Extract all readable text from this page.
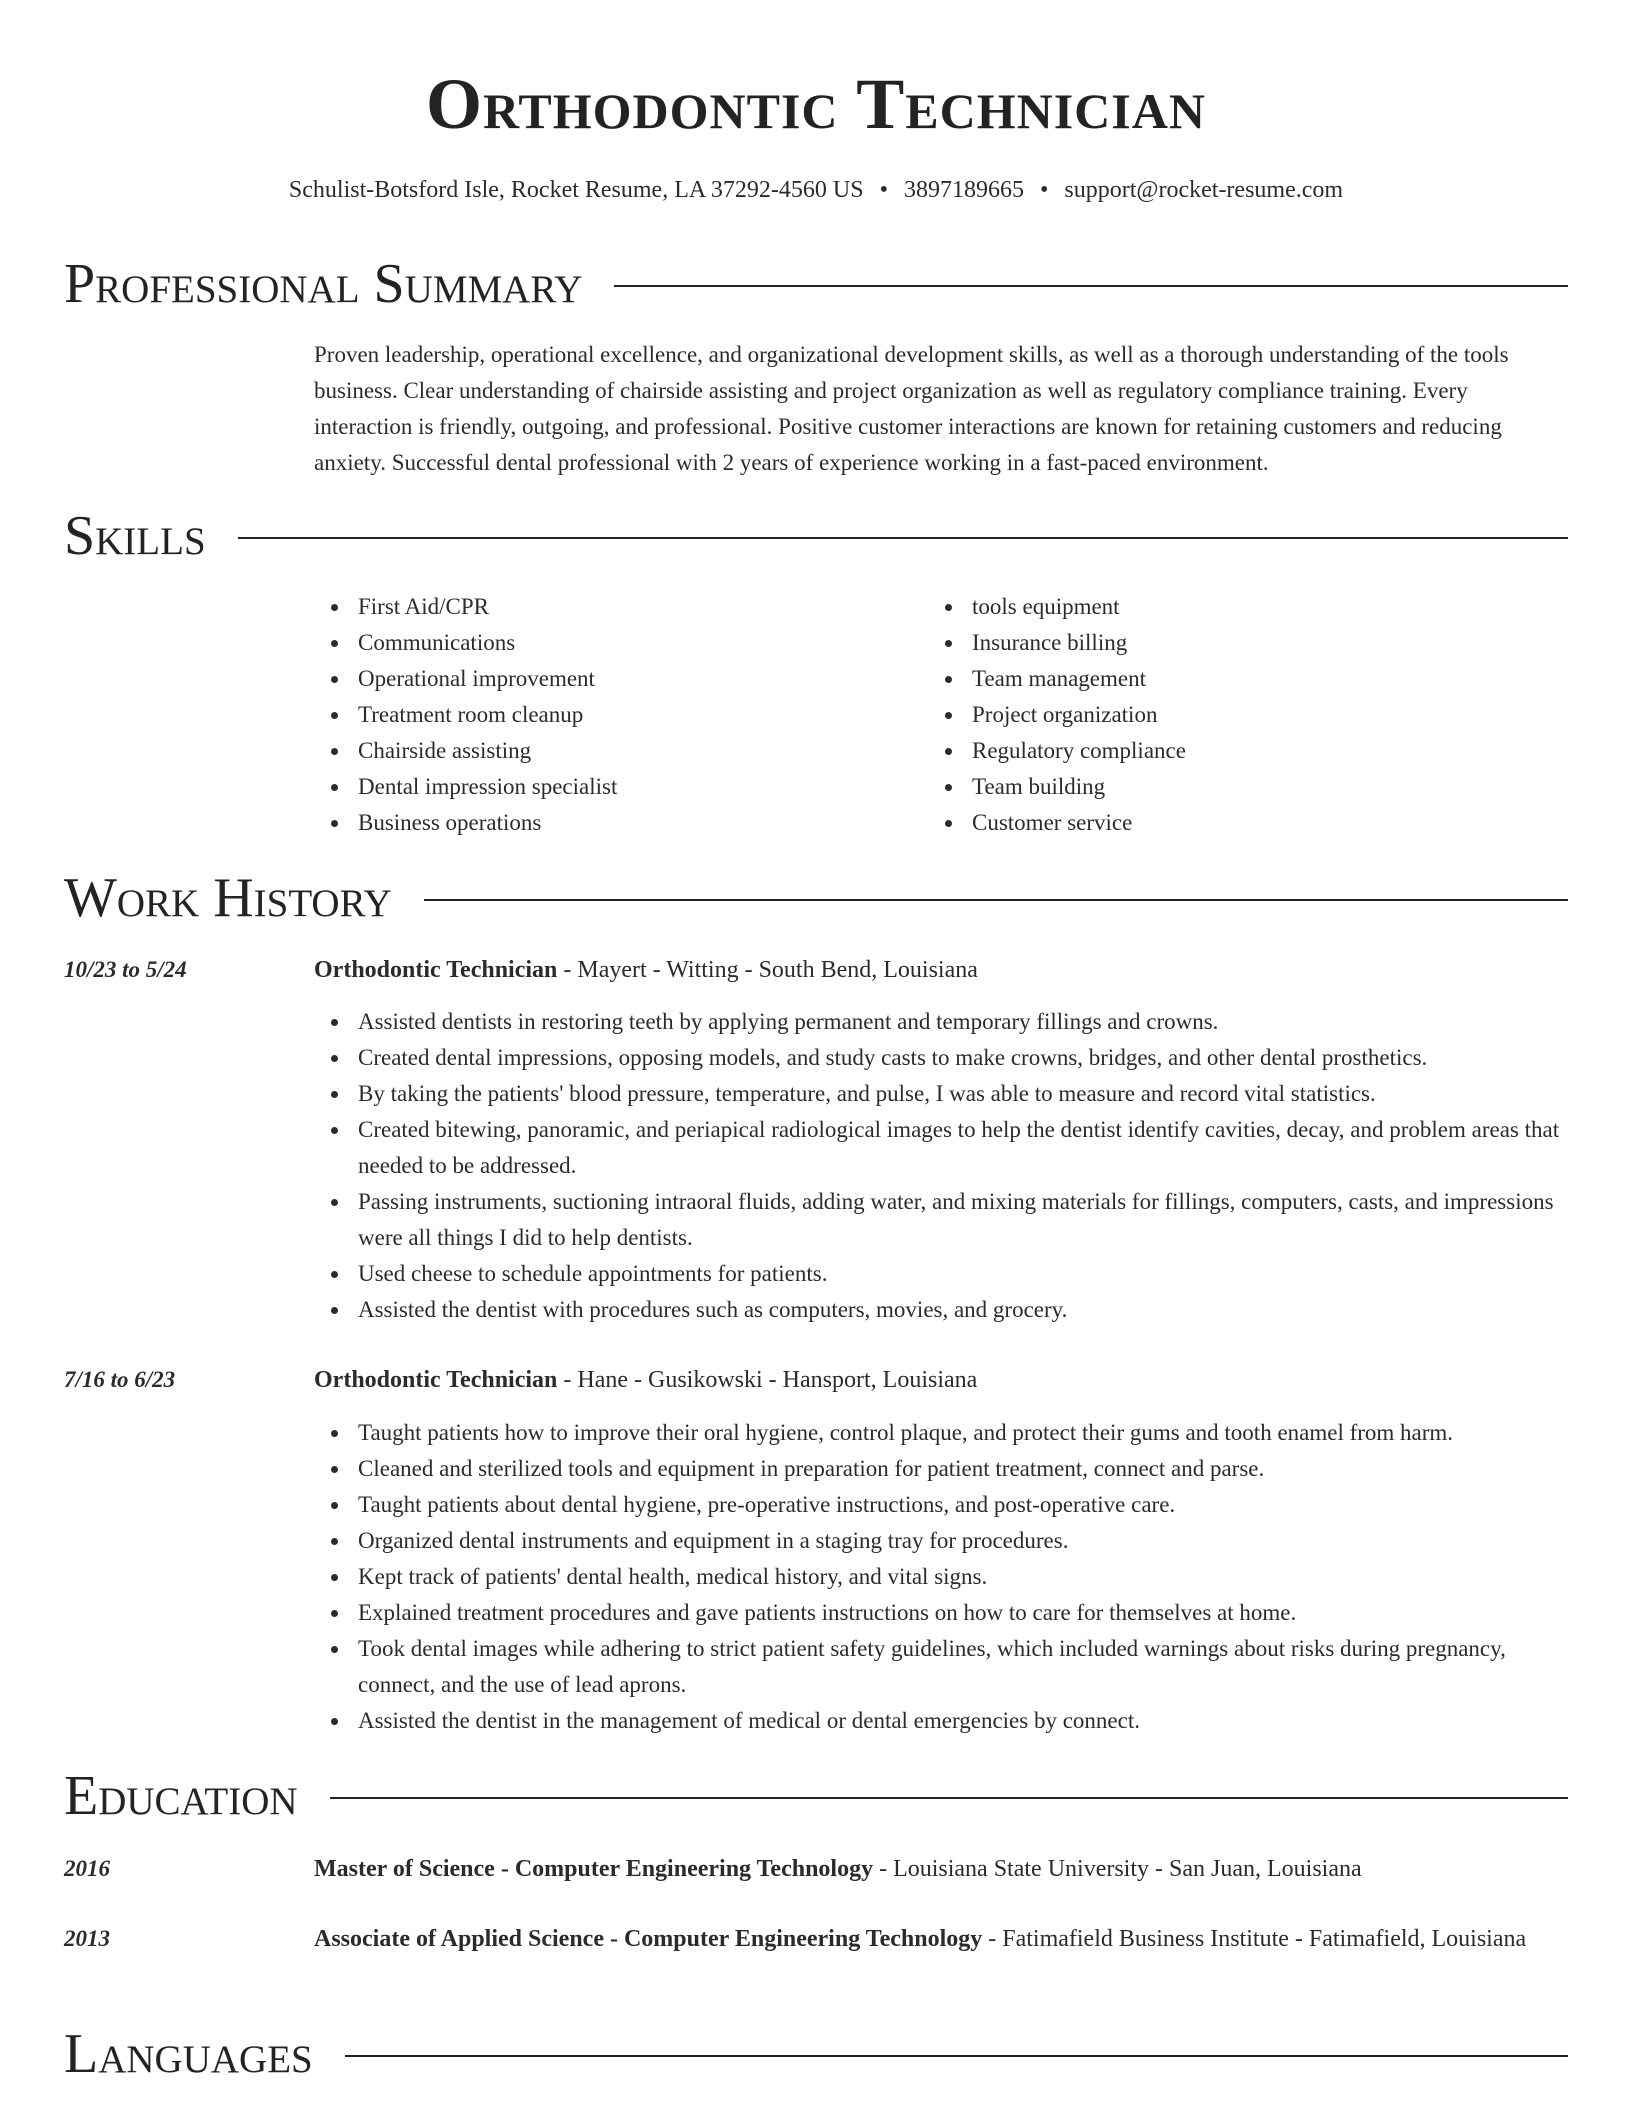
Orthodontic Technician
Schulist-Botsford Isle, Rocket Resume, LA 37292-4560 US • 3897189665 • support@rocket-resume.com
Professional Summary
Proven leadership, operational excellence, and organizational development skills, as well as a thorough understanding of the tools business. Clear understanding of chairside assisting and project organization as well as regulatory compliance training. Every interaction is friendly, outgoing, and professional. Positive customer interactions are known for retaining customers and reducing anxiety. Successful dental professional with 2 years of experience working in a fast-paced environment.
Skills
First Aid/CPR
Communications
Operational improvement
Treatment room cleanup
Chairside assisting
Dental impression specialist
Business operations
tools equipment
Insurance billing
Team management
Project organization
Regulatory compliance
Team building
Customer service
Work History
10/23 to 5/24	Orthodontic Technician - Mayert - Witting - South Bend, Louisiana
Assisted dentists in restoring teeth by applying permanent and temporary fillings and crowns.
Created dental impressions, opposing models, and study casts to make crowns, bridges, and other dental prosthetics.
By taking the patients' blood pressure, temperature, and pulse, I was able to measure and record vital statistics.
Created bitewing, panoramic, and periapical radiological images to help the dentist identify cavities, decay, and problem areas that needed to be addressed.
Passing instruments, suctioning intraoral fluids, adding water, and mixing materials for fillings, computers, casts, and impressions were all things I did to help dentists.
Used cheese to schedule appointments for patients.
Assisted the dentist with procedures such as computers, movies, and grocery.
7/16 to 6/23	Orthodontic Technician - Hane - Gusikowski - Hansport, Louisiana
Taught patients how to improve their oral hygiene, control plaque, and protect their gums and tooth enamel from harm.
Cleaned and sterilized tools and equipment in preparation for patient treatment, connect and parse.
Taught patients about dental hygiene, pre-operative instructions, and post-operative care.
Organized dental instruments and equipment in a staging tray for procedures.
Kept track of patients' dental health, medical history, and vital signs.
Explained treatment procedures and gave patients instructions on how to care for themselves at home.
Took dental images while adhering to strict patient safety guidelines, which included warnings about risks during pregnancy, connect, and the use of lead aprons.
Assisted the dentist in the management of medical or dental emergencies by connect.
Education
2016	Master of Science - Computer Engineering Technology - Louisiana State University - San Juan, Louisiana
2013	Associate of Applied Science - Computer Engineering Technology - Fatimafield Business Institute - Fatimafield, Louisiana
Languages
